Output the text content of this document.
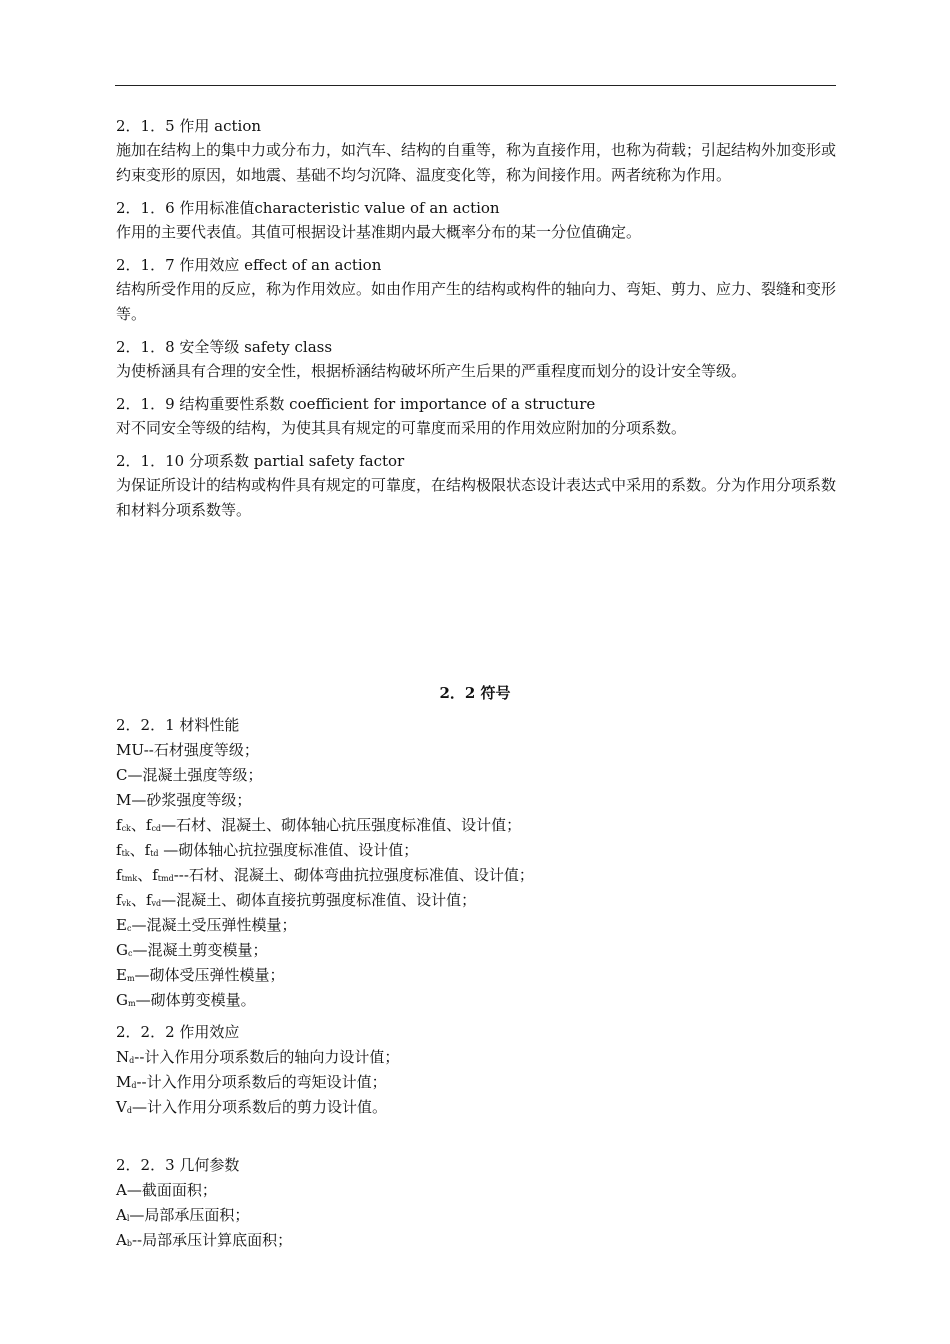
2．1．5 作用 action
施加在结构上的集中力或分布力，如汽车、结构的自重等，称为直接作用，也称为荷载；引起结构外加变形或约束变形的原因，如地震、基础不均匀沉降、温度变化等，称为间接作用。两者统称为作用。
2．1．6 作用标准值characteristic value of an action
作用的主要代表值。其值可根据设计基准期内最大概率分布的某一分位值确定。
2．1．7 作用效应 effect of an action
结构所受作用的反应，称为作用效应。如由作用产生的结构或构件的轴向力、弯矩、剪力、应力、裂缝和变形等。
2．1．8 安全等级 safety class
为使桥涵具有合理的安全性，根据桥涵结构破坏所产生后果的严重程度而划分的设计安全等级。
2．1．9 结构重要性系数 coefficient for importance of a structure
对不同安全等级的结构，为使其具有规定的可靠度而采用的作用效应附加的分项系数。
2．1．10 分项系数 partial safety factor
为保证所设计的结构或构件具有规定的可靠度，在结构极限状态设计表达式中采用的系数。分为作用分项系数和材料分项系数等。
2．2 符号
2．2．1 材料性能
MU--石材强度等级；
C—混凝土强度等级；
M—砂浆强度等级；
$f_{ck}$、$f_{cd}—$石材、混凝土、砌体轴心抗压强度标准值、设计值；
$f_{tk}$、$f_{td}$ —砌体轴心抗拉强度标准值、设计值；
$f_{tmk}$、$f_{tmd}---$石材、混凝土、砌体弯曲抗拉强度标准值、设计值；
$f_{vk}$、$f_{vd}—$混凝土、砌体直接抗剪强度标准值、设计值；
$E_c—$混凝土受压弹性模量；
$G_c—$混凝土剪变模量；
$E_m—$砌体受压弹性模量；
$G_m—$砌体剪变模量。
2．2．2 作用效应
$N_d--$计入作用分项系数后的轴向力设计值；
$M_d--$计入作用分项系数后的弯矩设计值；
$V_d—$计入作用分项系数后的剪力设计值。
2．2．3 几何参数
A—截面面积；
$A_l—$局部承压面积；
$A_b--$局部承压计算底面积；
